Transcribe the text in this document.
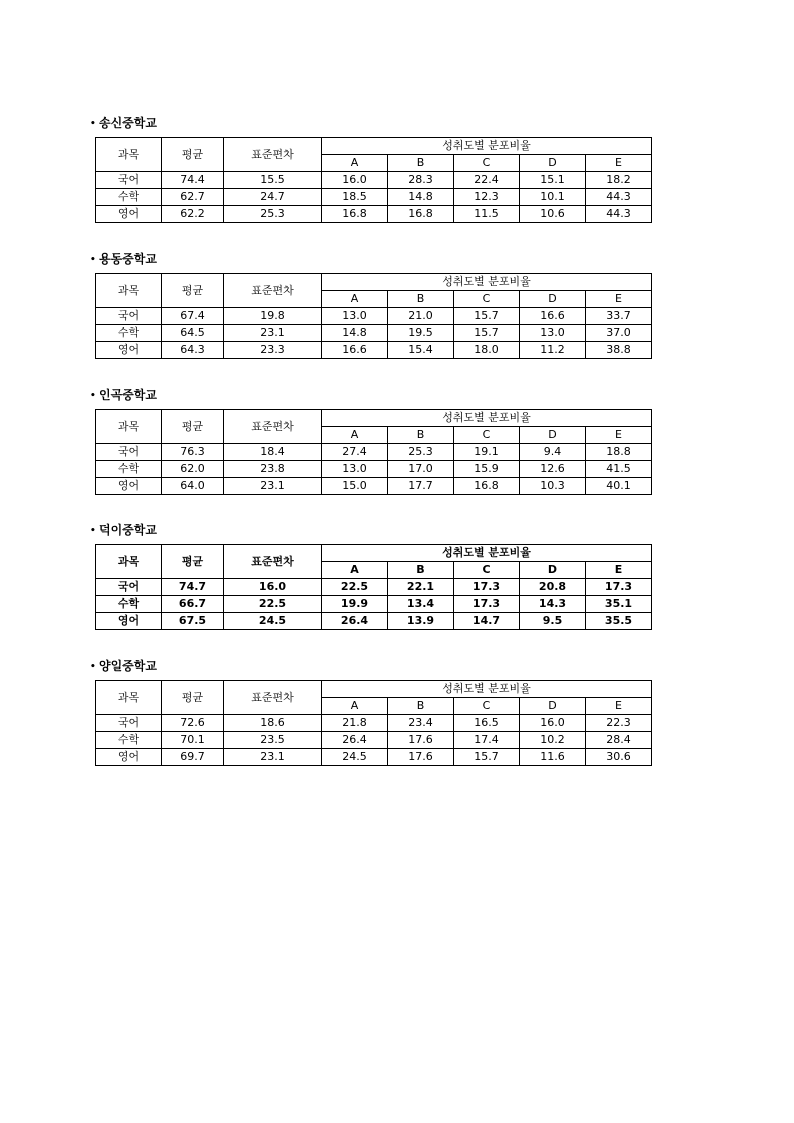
• 송신중학교
과목	평균	표준편차	성취도별 분포비율				
			A	B	C	D	E
국어	74.4	15.5	16.0	28.3	22.4	15.1	18.2
수학	62.7	24.7	18.5	14.8	12.3	10.1	44.3
영어	62.2	25.3	16.8	16.8	11.5	10.6	44.3
• 용동중학교
과목	평균	표준편차	성취도별 분포비율				
			A	B	C	D	E
국어	67.4	19.8	13.0	21.0	15.7	16.6	33.7
수학	64.5	23.1	14.8	19.5	15.7	13.0	37.0
영어	64.3	23.3	16.6	15.4	18.0	11.2	38.8
• 인곡중학교
과목	평균	표준편차	성취도별 분포비율				
			A	B	C	D	E
국어	76.3	18.4	27.4	25.3	19.1	9.4	18.8
수학	62.0	23.8	13.0	17.0	15.9	12.6	41.5
영어	64.0	23.1	15.0	17.7	16.8	10.3	40.1
• 덕이중학교
과목	평균	표준편차	성취도별 분포비율				
			A	B	C	D	E
국어	74.7	16.0	22.5	22.1	17.3	20.8	17.3
수학	66.7	22.5	19.9	13.4	17.3	14.3	35.1
영어	67.5	24.5	26.4	13.9	14.7	9.5	35.5
• 양일중학교
과목	평균	표준편차	성취도별 분포비율				
			A	B	C	D	E
국어	72.6	18.6	21.8	23.4	16.5	16.0	22.3
수학	70.1	23.5	26.4	17.6	17.4	10.2	28.4
영어	69.7	23.1	24.5	17.6	15.7	11.6	30.6
